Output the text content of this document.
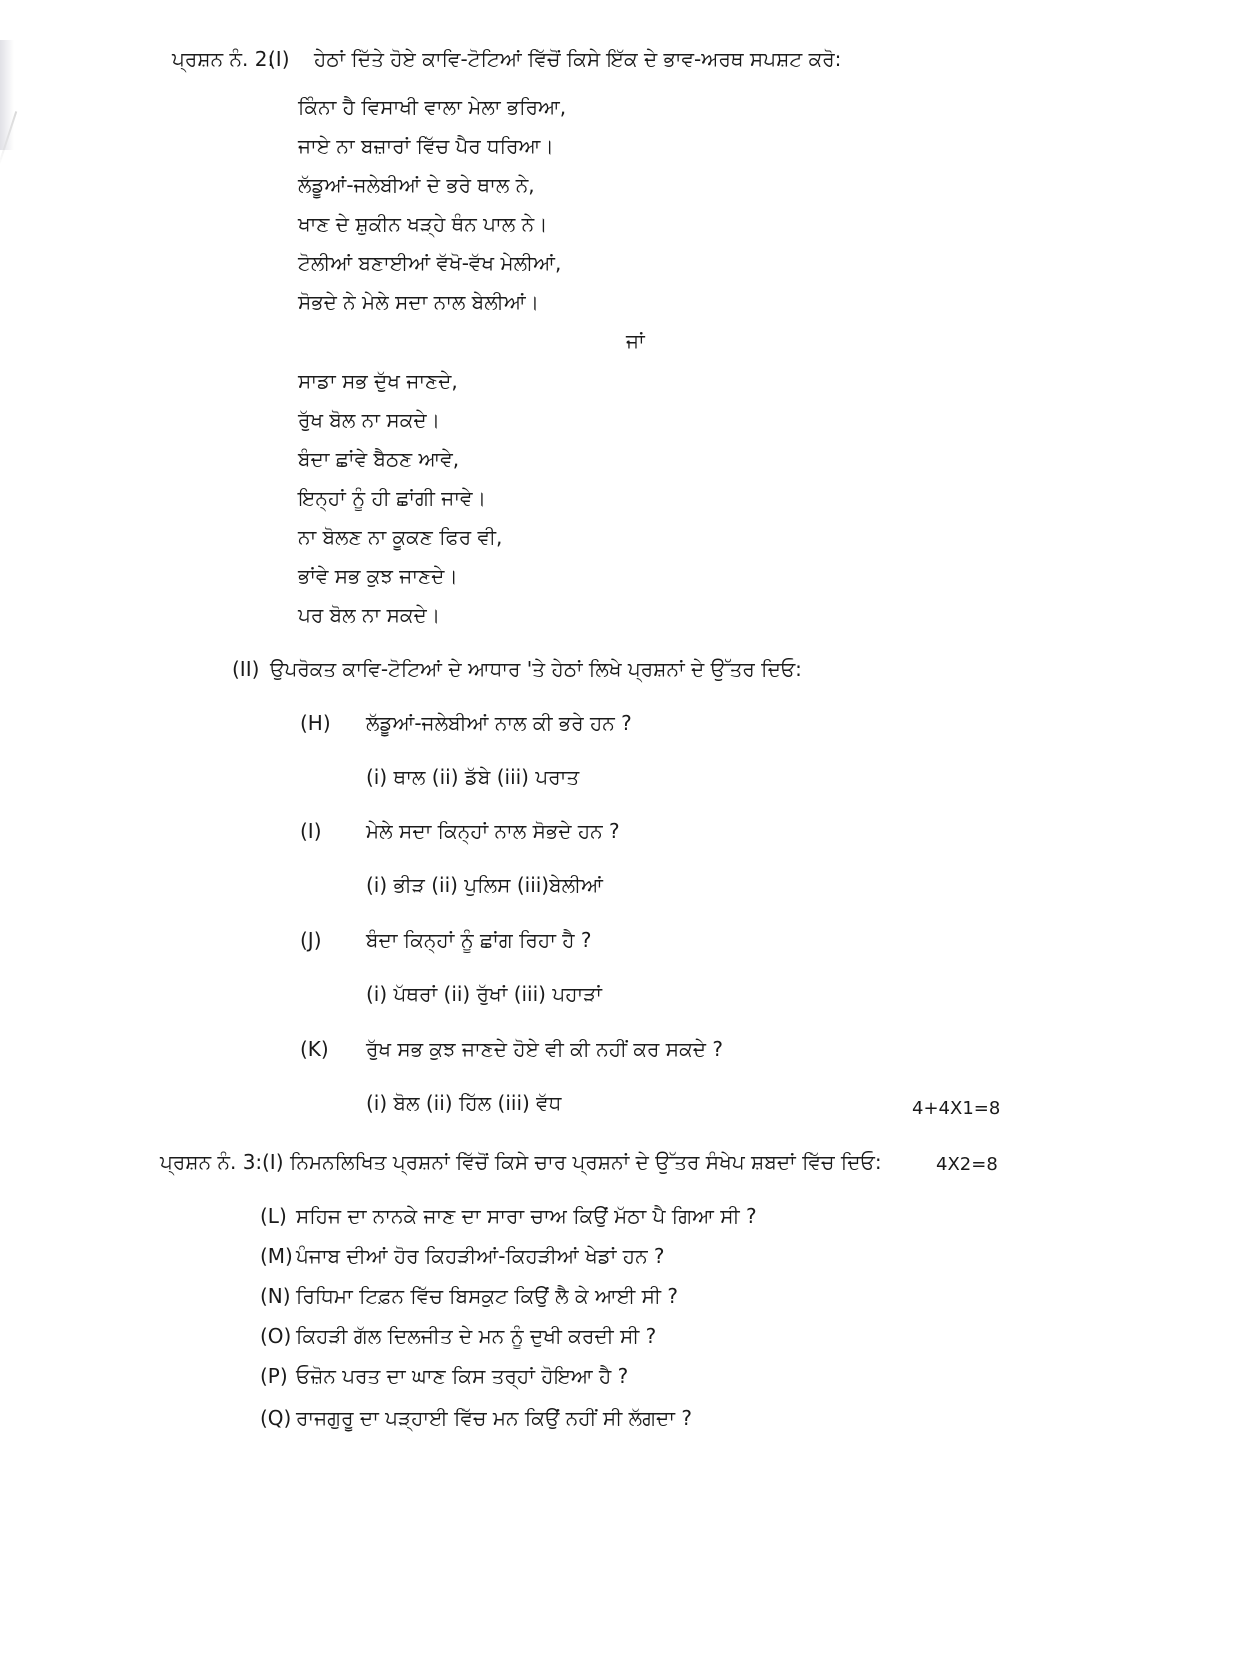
ਪ੍ਰਸ਼ਨ ਨੰ. 2:
(I) ਹੇਠਾਂ ਦਿੱਤੇ ਹੋਏ ਕਾਵਿ-ਟੋਟਿਆਂ ਵਿੱਚੋਂ ਕਿਸੇ ਇੱਕ ਦੇ ਭਾਵ-ਅਰਥ ਸਪਸ਼ਟ ਕਰੋ:
ਕਿੰਨਾ ਹੈ ਵਿਸਾਖੀ ਵਾਲਾ ਮੇਲਾ ਭਰਿਆ,
ਜਾਏ ਨਾ ਬਜ਼ਾਰਾਂ ਵਿੱਚ ਪੈਰ ਧਰਿਆ।
ਲੱਡੂਆਂ-ਜਲੇਬੀਆਂ ਦੇ ਭਰੇ ਥਾਲ ਨੇ,
ਖਾਣ ਦੇ ਸ਼ੁਕੀਨ ਖੜ੍ਹੇ ਥੰਨ ਪਾਲ ਨੇ।
ਟੋਲੀਆਂ ਬਣਾਈਆਂ ਵੱਖੋ-ਵੱਖ ਮੇਲੀਆਂ,
ਸੋਭਦੇ ਨੇ ਮੇਲੇ ਸਦਾ ਨਾਲ ਬੇਲੀਆਂ।
ਜਾਂ
ਸਾਡਾ ਸਭ ਦੁੱਖ ਜਾਣਦੇ,
ਰੁੱਖ ਬੋਲ ਨਾ ਸਕਦੇ।
ਬੰਦਾ ਛਾਂਵੇ ਬੈਠਣ ਆਵੇ,
ਇਨ੍ਹਾਂ ਨੂੰ ਹੀ ਛਾਂਗੀ ਜਾਵੇ।
ਨਾ ਬੋਲਣ ਨਾ ਕੂਕਣ ਫਿਰ ਵੀ,
ਭਾਂਵੇ ਸਭ ਕੁਝ ਜਾਣਦੇ।
ਪਰ ਬੋਲ ਨਾ ਸਕਦੇ।
(II) ਉਪਰੋਕਤ ਕਾਵਿ-ਟੋਟਿਆਂ ਦੇ ਆਧਾਰ 'ਤੇ ਹੇਠਾਂ ਲਿਖੇ ਪ੍ਰਸ਼ਨਾਂ ਦੇ ਉੱਤਰ ਦਿਓ:
(H) ਲੱਡੂਆਂ-ਜਲੇਬੀਆਂ ਨਾਲ ਕੀ ਭਰੇ ਹਨ ?
(i) ਥਾਲ (ii) ਡੱਬੇ (iii) ਪਰਾਤ
(I) ਮੇਲੇ ਸਦਾ ਕਿਨ੍ਹਾਂ ਨਾਲ ਸੋਭਦੇ ਹਨ ?
(i) ਭੀੜ (ii) ਪੁਲਿਸ (iii)ਬੇਲੀਆਂ
(J) ਬੰਦਾ ਕਿਨ੍ਹਾਂ ਨੂੰ ਛਾਂਗ ਰਿਹਾ ਹੈ ?
(i) ਪੱਥਰਾਂ (ii) ਰੁੱਖਾਂ (iii) ਪਹਾੜਾਂ
(K) ਰੁੱਖ ਸਭ ਕੁਝ ਜਾਣਦੇ ਹੋਏ ਵੀ ਕੀ ਨਹੀਂ ਕਰ ਸਕਦੇ ?
(i) ਬੋਲ (ii) ਹਿੱਲ (iii) ਵੱਧ	4+4X1=8
ਪ੍ਰਸ਼ਨ ਨੰ. 3: (I) ਨਿਮਨਲਿਖਿਤ ਪ੍ਰਸ਼ਨਾਂ ਵਿੱਚੋਂ ਕਿਸੇ ਚਾਰ ਪ੍ਰਸ਼ਨਾਂ ਦੇ ਉੱਤਰ ਸੰਖੇਪ ਸ਼ਬਦਾਂ ਵਿੱਚ ਦਿਓ:	4X2=8
(L) ਸਹਿਜ ਦਾ ਨਾਨਕੇ ਜਾਣ ਦਾ ਸਾਰਾ ਚਾਅ ਕਿਉਂ ਮੱਠਾ ਪੈ ਗਿਆ ਸੀ ?
(M) ਪੰਜਾਬ ਦੀਆਂ ਹੋਰ ਕਿਹੜੀਆਂ-ਕਿਹੜੀਆਂ ਖੇਡਾਂ ਹਨ ?
(N) ਰਿਧਿਮਾ ਟਿਫ਼ਨ ਵਿੱਚ ਬਿਸਕੁਟ ਕਿਉਂ ਲੈ ਕੇ ਆਈ ਸੀ ?
(O) ਕਿਹੜੀ ਗੱਲ ਦਿਲਜੀਤ ਦੇ ਮਨ ਨੂੰ ਦੁਖੀ ਕਰਦੀ ਸੀ ?
(P) ਓਜ਼ੋਨ ਪਰਤ ਦਾ ਘਾਣ ਕਿਸ ਤਰ੍ਹਾਂ ਹੋਇਆ ਹੈ ?
(Q) ਰਾਜਗੁਰੂ ਦਾ ਪੜ੍ਹਾਈ ਵਿੱਚ ਮਨ ਕਿਉਂ ਨਹੀਂ ਸੀ ਲੱਗਦਾ ?
